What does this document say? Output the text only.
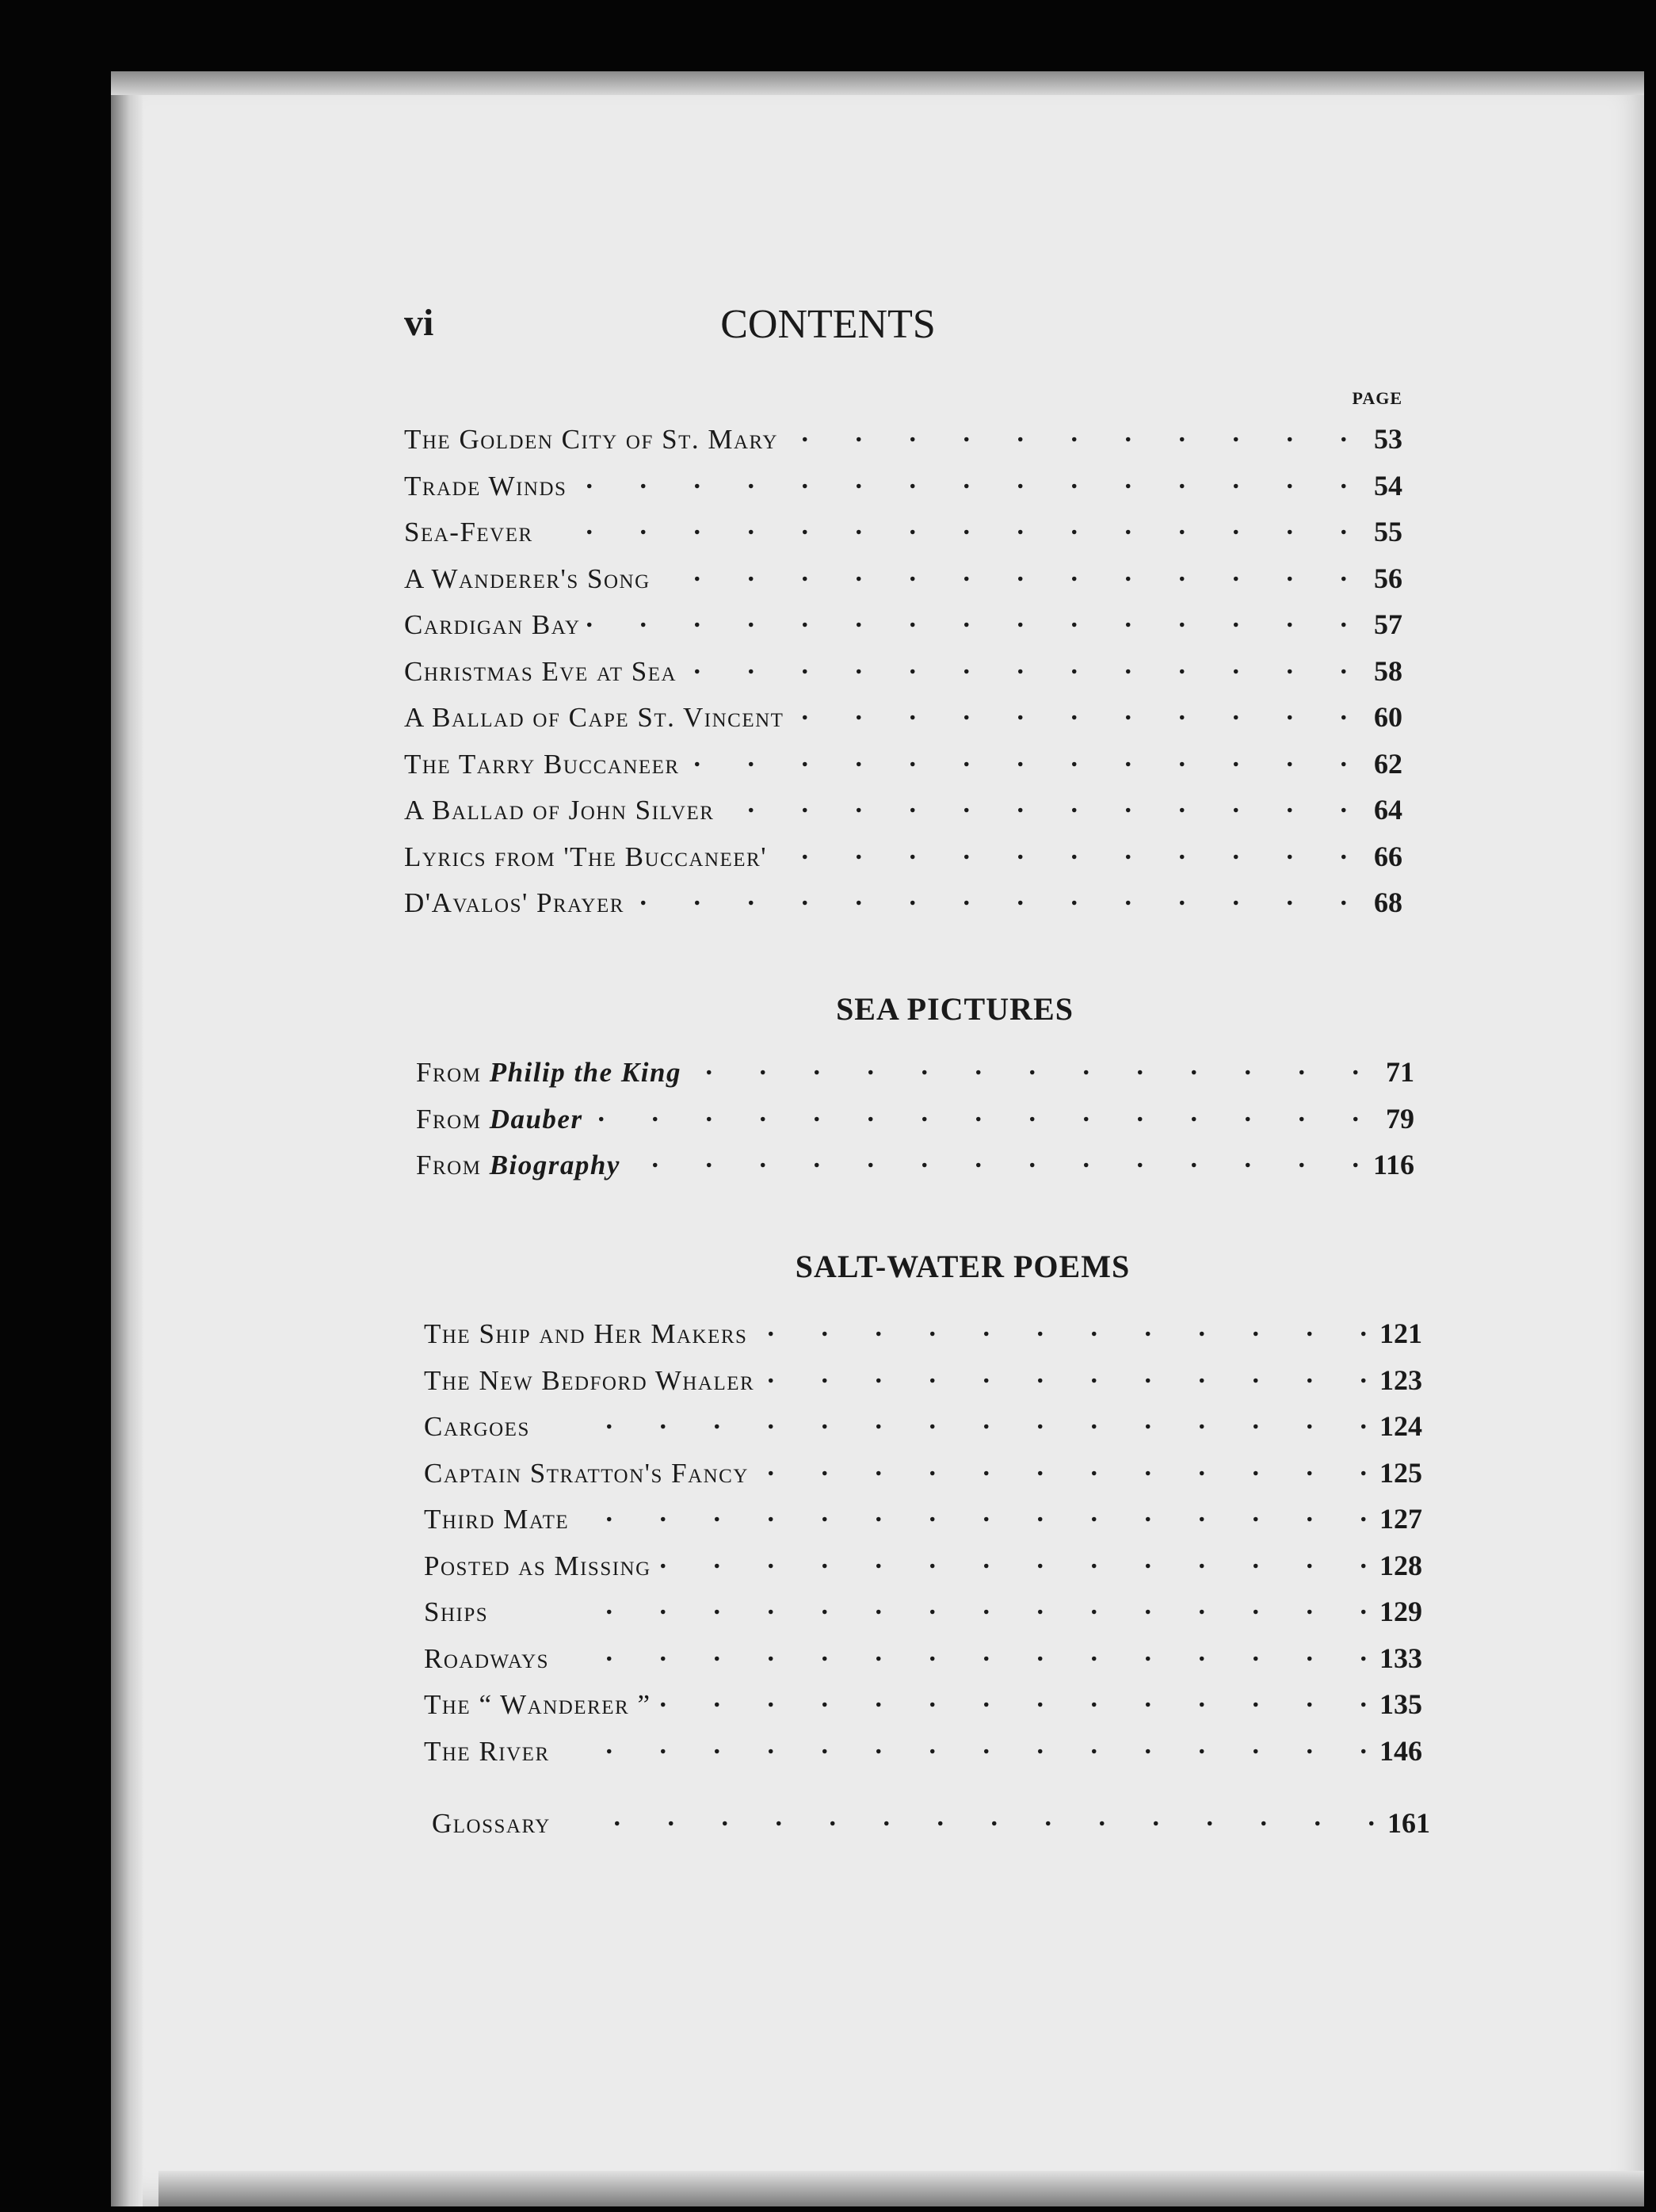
vi	CONTENTS
PAGE
The Golden City of St. Mary .	53
Trade Winds .	54
Sea-Fever .	55
A Wanderer's Song .	56
Cardigan Bay .	57
Christmas Eve at Sea .	58
A Ballad of Cape St. Vincent .	60
The Tarry Buccaneer .	62
A Ballad of John Silver .	64
Lyrics from 'The Buccaneer' .	66
D'Avalos' Prayer .	68
SEA PICTURES
From Philip the King .	71
From Dauber .	79
From Biography .	116
SALT-WATER POEMS
The Ship and Her Makers .	121
The New Bedford Whaler .	123
Cargoes .	124
Captain Stratton's Fancy .	125
Third Mate .	127
Posted as Missing .	128
Ships .	129
Roadways .	133
The “ Wanderer ” .	135
The River .	146
Glossary .	161
